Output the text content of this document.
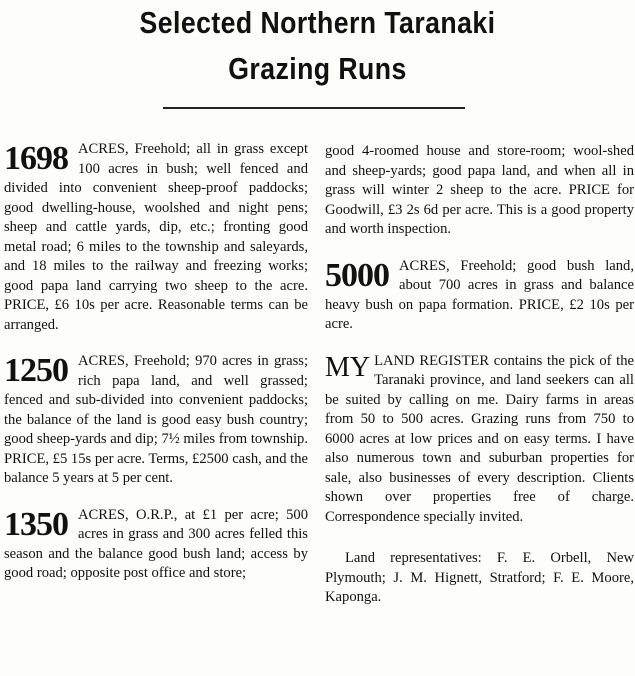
Selected Northern Taranaki
Grazing Runs
1698 ACRES, Freehold; all in grass except 100 acres in bush; well fenced and divided into convenient sheep-proof paddocks; good dwelling-house, woolshed and night pens; sheep and cattle yards, dip, etc.; fronting good metal road; 6 miles to the township and saleyards, and 18 miles to the railway and freezing works; good papa land carrying two sheep to the acre. PRICE, £6 10s per acre. Reasonable terms can be arranged.

1250 ACRES, Freehold; 970 acres in grass; rich papa land, and well grassed; fenced and sub-divided into convenient paddocks; the balance of the land is good easy bush country; good sheep-yards and dip; 7½ miles from township. PRICE, £5 15s per acre. Terms, £2500 cash, and the balance 5 years at 5 per cent.

1350 ACRES, O.R.P., at £1 per acre; 500 acres in grass and 300 acres felled this season and the balance good bush land; access by good road; opposite post office and store;

good 4-roomed house and store-room; wool-shed and sheep-yards; good papa land, and when all in grass will winter 2 sheep to the acre. PRICE for Goodwill, £3 2s 6d per acre. This is a good property and worth inspection.

5000 ACRES, Freehold; good bush land, about 700 acres in grass and balance heavy bush on papa formation. PRICE, £2 10s per acre.

MY LAND REGISTER contains the pick of the Taranaki province, and land seekers can all be suited by calling on me. Dairy farms in areas from 50 to 500 acres. Grazing runs from 750 to 6000 acres at low prices and on easy terms. I have also numerous town and suburban properties for sale, also businesses of every description. Clients shown over properties free of charge. Correspondence specially invited.

Land representatives: F. E. Orbell, New Plymouth; J. M. Hignett, Stratford; F. E. Moore, Kaponga.
